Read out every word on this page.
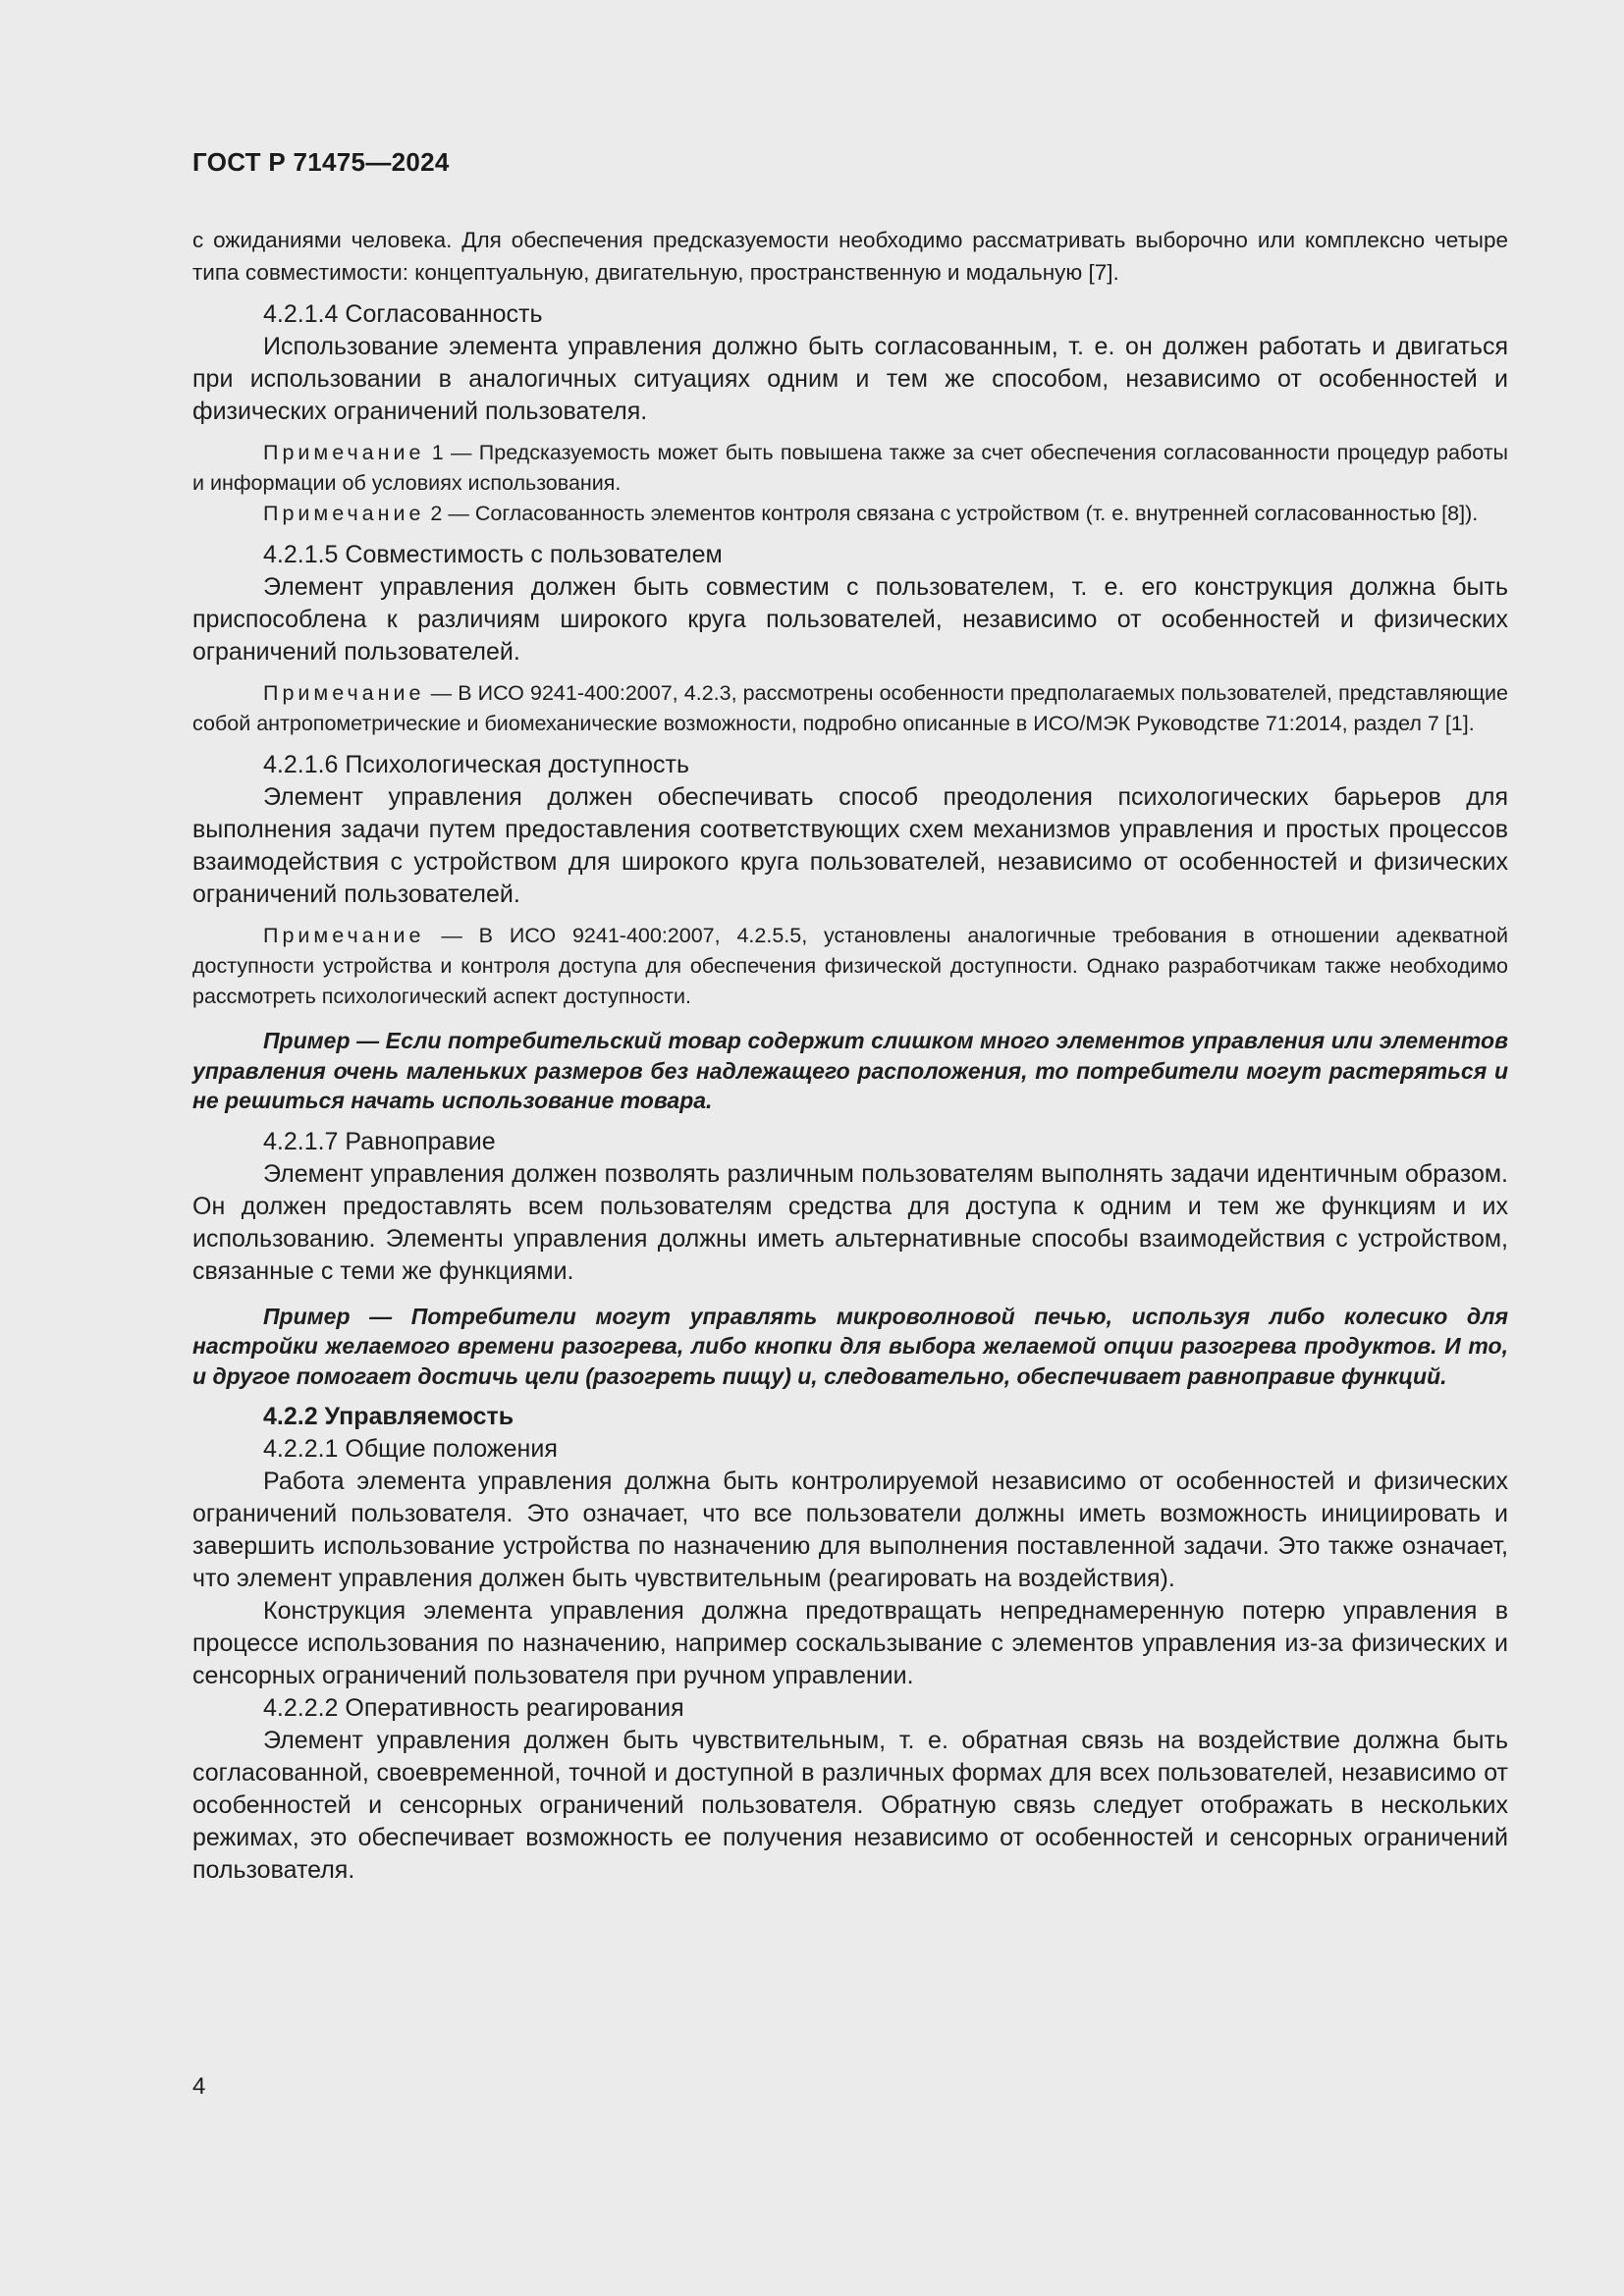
ГОСТ Р 71475—2024

с ожиданиями человека. Для обеспечения предсказуемости необходимо рассматривать выборочно или комплексно четыре типа совместимости: концептуальную, двигательную, пространственную и модальную [7].

4.2.1.4 Согласованность

Использование элемента управления должно быть согласованным, т. е. он должен работать и двигаться при использовании в аналогичных ситуациях одним и тем же способом, независимо от особенностей и физических ограничений пользователя.

Примечание 1 — Предсказуемость может быть повышена также за счет обеспечения согласованности процедур работы и информации об условиях использования.

Примечание 2 — Согласованность элементов контроля связана с устройством (т. е. внутренней согласованностью [8]).

4.2.1.5 Совместимость с пользователем

Элемент управления должен быть совместим с пользователем, т. е. его конструкция должна быть приспособлена к различиям широкого круга пользователей, независимо от особенностей и физических ограничений пользователей.

Примечание — В ИСО 9241-400:2007, 4.2.3, рассмотрены особенности предполагаемых пользователей, представляющие собой антропометрические и биомеханические возможности, подробно описанные в ИСО/МЭК Руководстве 71:2014, раздел 7 [1].

4.2.1.6 Психологическая доступность

Элемент управления должен обеспечивать способ преодоления психологических барьеров для выполнения задачи путем предоставления соответствующих схем механизмов управления и простых процессов взаимодействия с устройством для широкого круга пользователей, независимо от особенностей и физических ограничений пользователей.

Примечание — В ИСО 9241-400:2007, 4.2.5.5, установлены аналогичные требования в отношении адекватной доступности устройства и контроля доступа для обеспечения физической доступности. Однако разработчикам также необходимо рассмотреть психологический аспект доступности.

Пример — Если потребительский товар содержит слишком много элементов управления или элементов управления очень маленьких размеров без надлежащего расположения, то потребители могут растеряться и не решиться начать использование товара.

4.2.1.7 Равноправие

Элемент управления должен позволять различным пользователям выполнять задачи идентичным образом. Он должен предоставлять всем пользователям средства для доступа к одним и тем же функциям и их использованию. Элементы управления должны иметь альтернативные способы взаимодействия с устройством, связанные с теми же функциями.

Пример — Потребители могут управлять микроволновой печью, используя либо колесико для настройки желаемого времени разогрева, либо кнопки для выбора желаемой опции разогрева продуктов. И то, и другое помогает достичь цели (разогреть пищу) и, следовательно, обеспечивает равноправие функций.

4.2.2 Управляемость

4.2.2.1 Общие положения

Работа элемента управления должна быть контролируемой независимо от особенностей и физических ограничений пользователя. Это означает, что все пользователи должны иметь возможность инициировать и завершить использование устройства по назначению для выполнения поставленной задачи. Это также означает, что элемент управления должен быть чувствительным (реагировать на воздействия).

Конструкция элемента управления должна предотвращать непреднамеренную потерю управления в процессе использования по назначению, например соскальзывание с элементов управления из-за физических и сенсорных ограничений пользователя при ручном управлении.

4.2.2.2 Оперативность реагирования

Элемент управления должен быть чувствительным, т. е. обратная связь на воздействие должна быть согласованной, своевременной, точной и доступной в различных формах для всех пользователей, независимо от особенностей и сенсорных ограничений пользователя. Обратную связь следует отображать в нескольких режимах, это обеспечивает возможность ее получения независимо от особенностей и сенсорных ограничений пользователя.

4
